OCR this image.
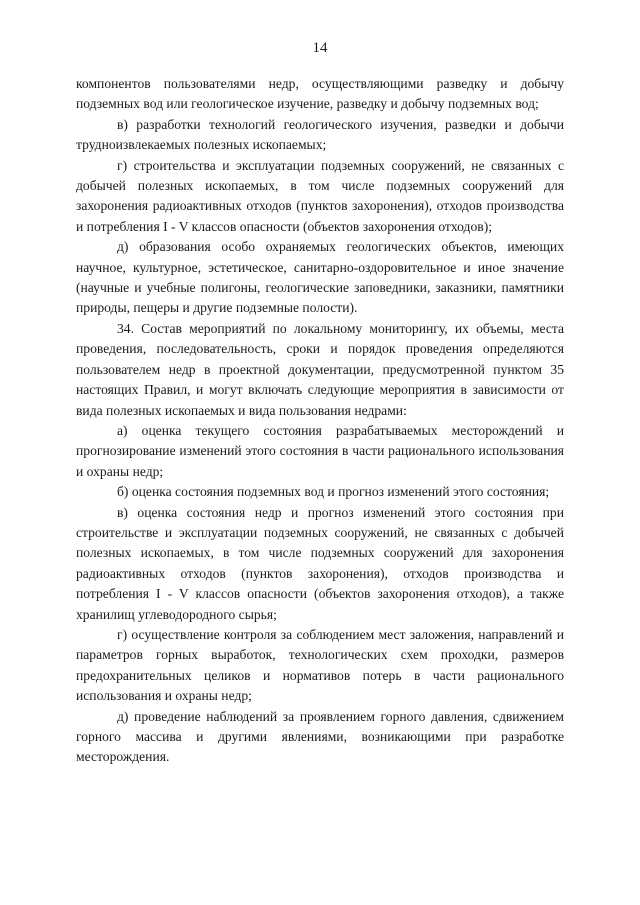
14

компонентов пользователями недр, осуществляющими разведку и добычу подземных вод или геологическое изучение, разведку и добычу подземных вод;

в) разработки технологий геологического изучения, разведки и добычи трудноизвлекаемых полезных ископаемых;

г) строительства и эксплуатации подземных сооружений, не связанных с добычей полезных ископаемых, в том числе подземных сооружений для захоронения радиоактивных отходов (пунктов захоронения), отходов производства и потребления I - V классов опасности (объектов захоронения отходов);

д) образования особо охраняемых геологических объектов, имеющих научное, культурное, эстетическое, санитарно-оздоровительное и иное значение (научные и учебные полигоны, геологические заповедники, заказники, памятники природы, пещеры и другие подземные полости).

34. Состав мероприятий по локальному мониторингу, их объемы, места проведения, последовательность, сроки и порядок проведения определяются пользователем недр в проектной документации, предусмотренной пунктом 35 настоящих Правил, и могут включать следующие мероприятия в зависимости от вида полезных ископаемых и вида пользования недрами:

а) оценка текущего состояния разрабатываемых месторождений и прогнозирование изменений этого состояния в части рационального использования и охраны недр;

б) оценка состояния подземных вод и прогноз изменений этого состояния;

в) оценка состояния недр и прогноз изменений этого состояния при строительстве и эксплуатации подземных сооружений, не связанных с добычей полезных ископаемых, в том числе подземных сооружений для захоронения радиоактивных отходов (пунктов захоронения), отходов производства и потребления I - V классов опасности (объектов захоронения отходов), а также хранилищ углеводородного сырья;

г) осуществление контроля за соблюдением мест заложения, направлений и параметров горных выработок, технологических схем проходки, размеров предохранительных целиков и нормативов потерь в части рационального использования и охраны недр;

д) проведение наблюдений за проявлением горного давления, сдвижением горного массива и другими явлениями, возникающими при разработке месторождения.
